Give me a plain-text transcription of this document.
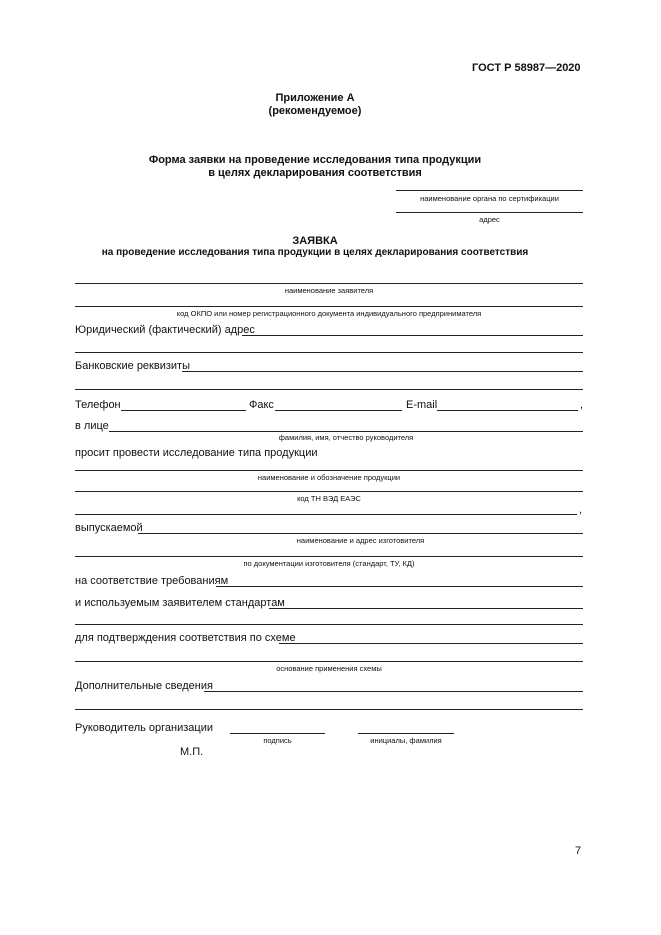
ГОСТ Р 58987—2020
Приложение А
(рекомендуемое)
Форма заявки на проведение исследования типа продукции
в целях декларирования соответствия
наименование органа по сертификации
адрес
ЗАЯВКА
на проведение исследования типа продукции в целях декларирования соответствия
наименование заявителя
код ОКПО или номер регистрационного документа индивидуального предпринимателя
Юридический (фактический) адрес
Банковские реквизиты
Телефон	Факс	E-mail	,
в лице
фамилия, имя, отчество руководителя
просит провести исследование типа продукции
наименование и обозначение продукции
код ТН ВЭД ЕАЭС
,
выпускаемой
наименование и адрес изготовителя
по документации изготовителя (стандарт, ТУ, КД)
на соответствие требованиям
и используемым заявителем стандартам
для подтверждения соответствия по схеме
основание применения схемы
Дополнительные сведения
Руководитель организации
подпись	инициалы, фамилия
М.П.
7
